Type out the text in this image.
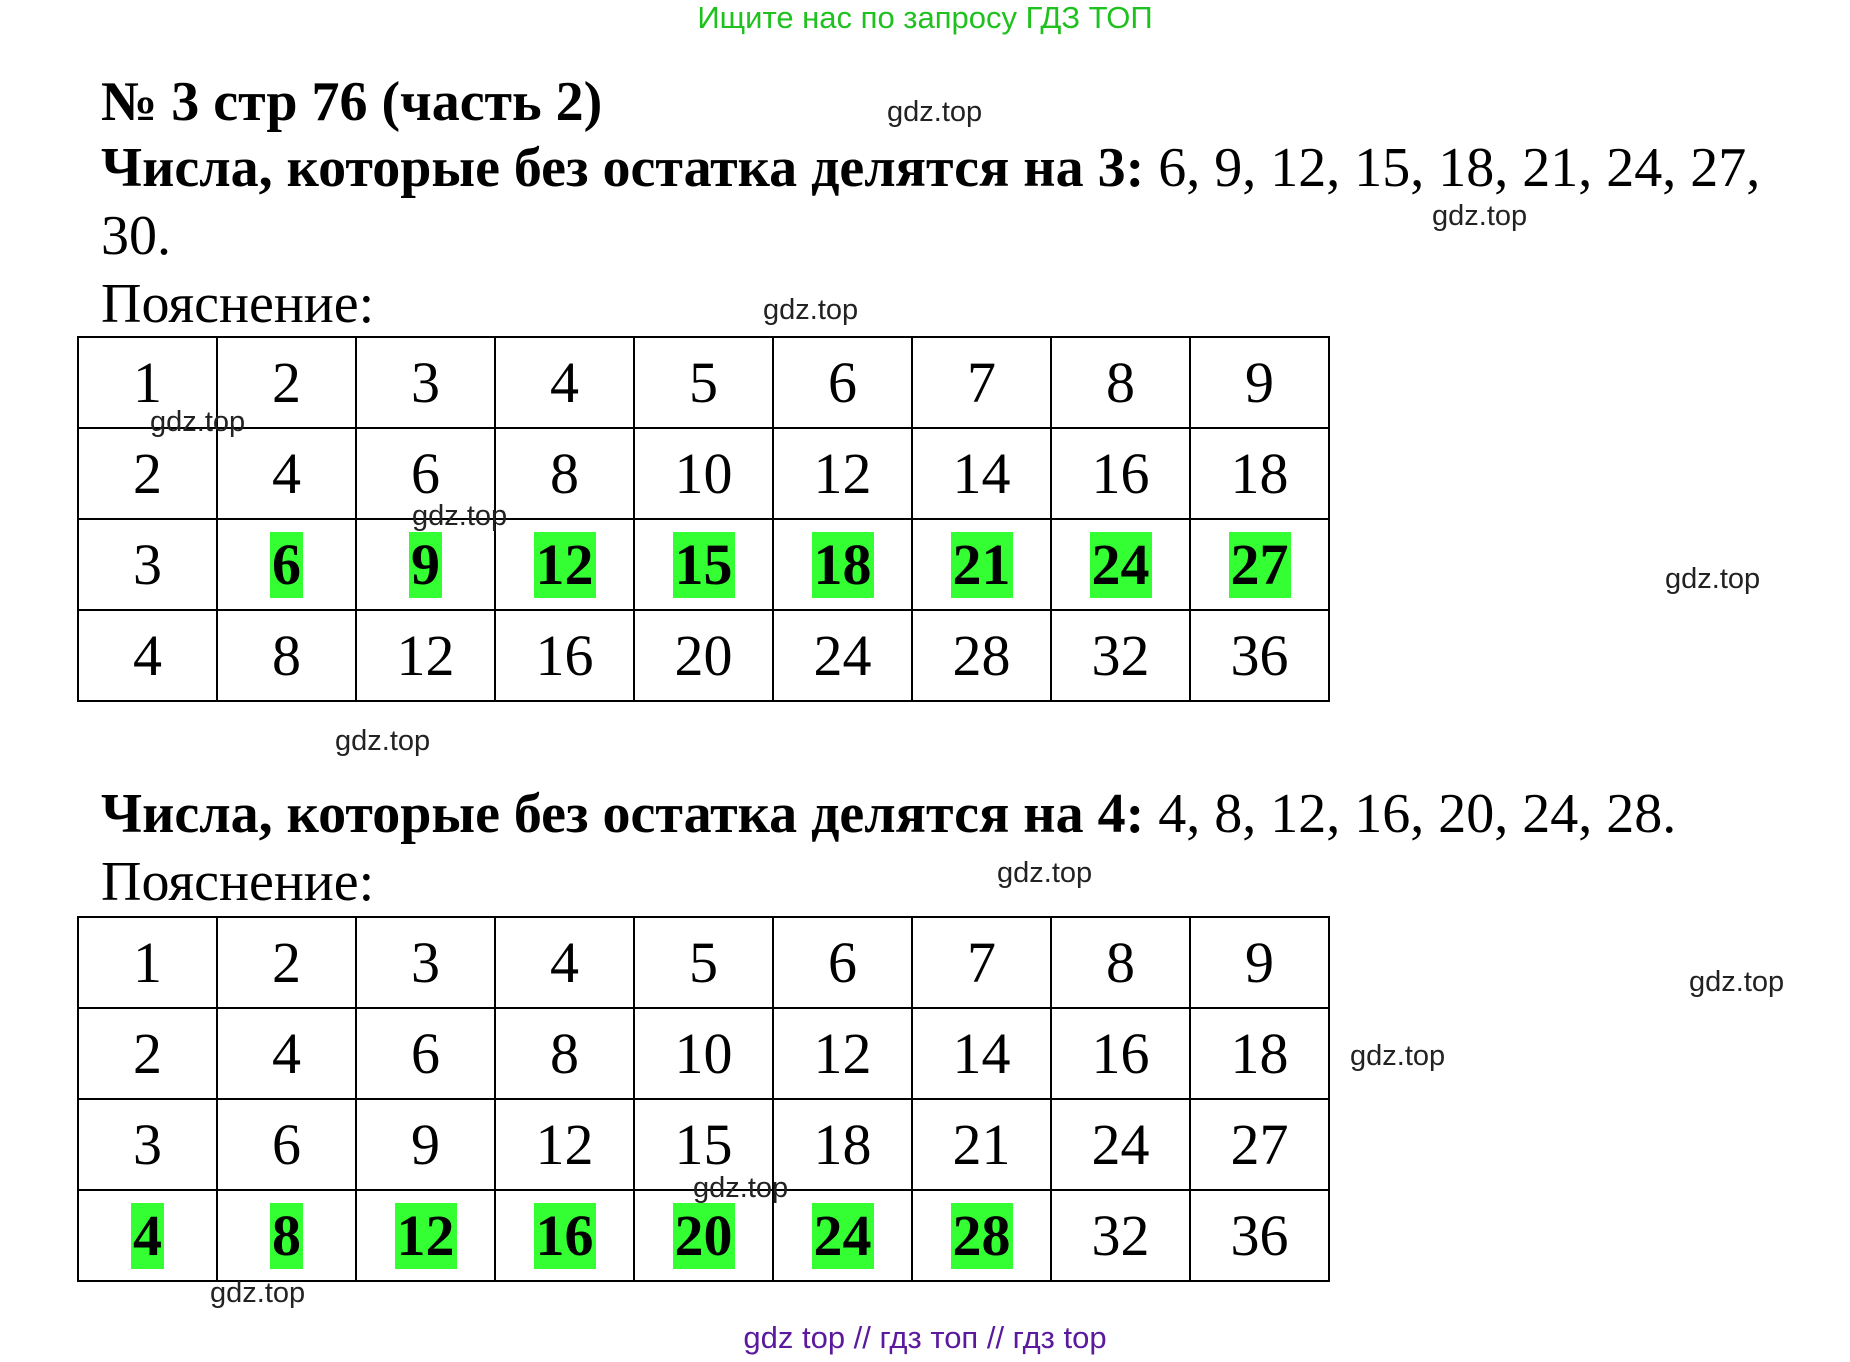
Ищите нас по запросу ГДЗ ТОП
№ 3 стр 76 (часть 2)
Числа, которые без остатка делятся на 3: 6, 9, 12, 15, 18, 21, 24, 27,
30.
Пояснение:
1	2	3	4	5	6	7	8	9
2	4	6	8	10	12	14	16	18
3	6	9	12	15	18	21	24	27
4	8	12	16	20	24	28	32	36
Числа, которые без остатка делятся на 4: 4, 8, 12, 16, 20, 24, 28.
Пояснение:
1	2	3	4	5	6	7	8	9
2	4	6	8	10	12	14	16	18
3	6	9	12	15	18	21	24	27
4	8	12	16	20	24	28	32	36
gdz.top
gdz.top
gdz.top
gdz.top
gdz.top
gdz.top
gdz.top
gdz.top
gdz.top
gdz.top
gdz.top
gdz.top
gdz top // гдз топ // гдз top
